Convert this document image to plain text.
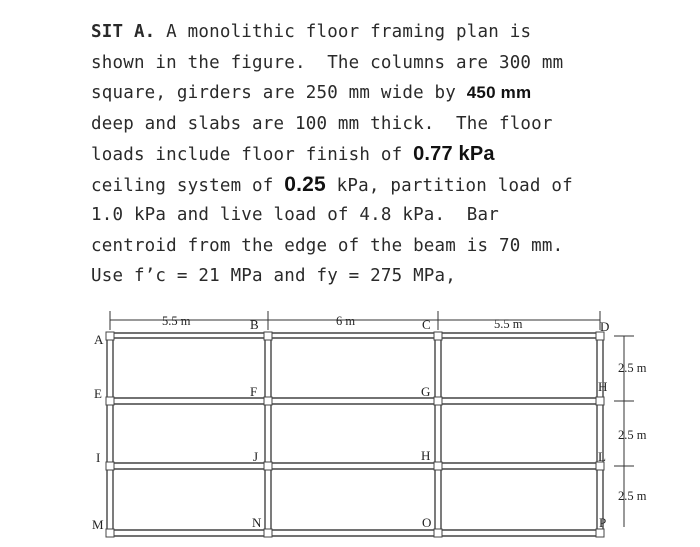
SIT A. A monolithic floor framing plan is
shown in the figure.  The columns are 300 mm
square, girders are 250 mm wide by 450 mm
deep and slabs are 100 mm thick.  The floor
loads include floor finish of 0.77 kPa
ceiling system of 0.25 kPa, partition load of
1.0 kPa and live load of 4.8 kPa.  Bar
centroid from the edge of the beam is 70 mm.
Use f’c = 21 MPa and fy = 275 MPa,
5.5 m	6 m	5.5 m
2.5 m
2.5 m
2.5 m
A
B	C	D
E	F	G	H
I	J	H	L
M	N	O	P
